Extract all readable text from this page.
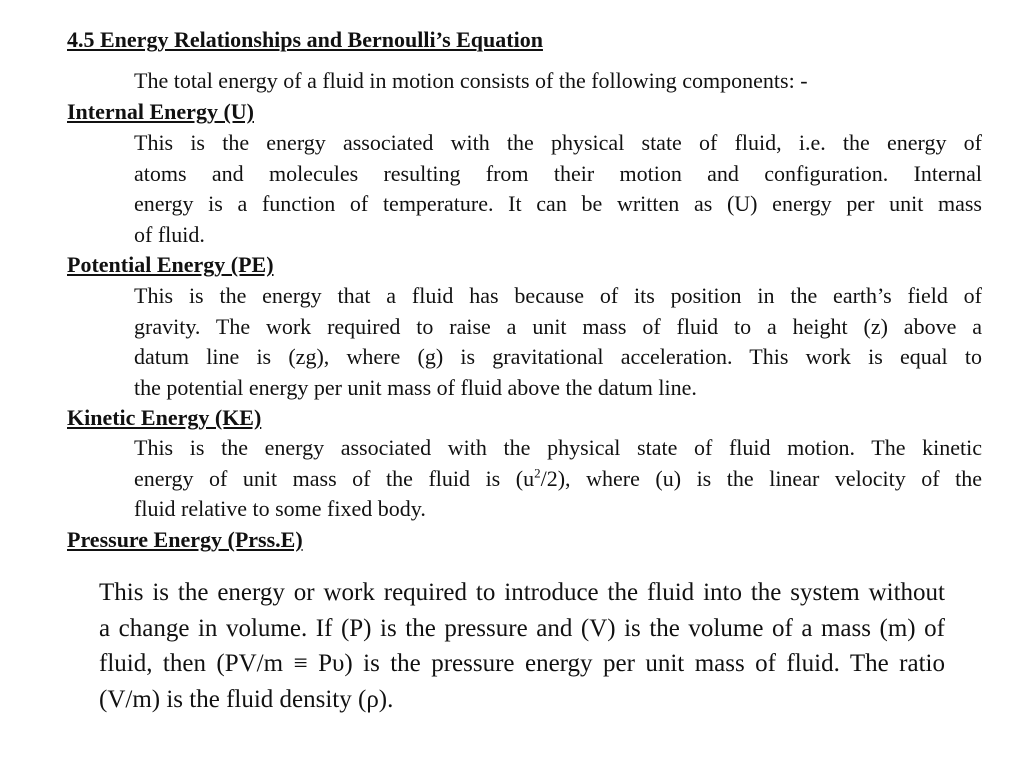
4.5 Energy Relationships and Bernoulli’s Equation
The total energy of a fluid in motion consists of the following components: -
Internal Energy (U)
This is the energy associated with the physical state of fluid, i.e. the energy of
atoms and molecules resulting from their motion and configuration. Internal
energy is a function of temperature. It can be written as (U) energy per unit mass
of fluid.
Potential Energy (PE)
This is the energy that a fluid has because of its position in the earth’s field of
gravity. The work required to raise a unit mass of fluid to a height (z) above a
datum line is (zg), where (g) is gravitational acceleration. This work is equal to
the potential energy per unit mass of fluid above the datum line.
Kinetic Energy (KE)
This is the energy associated with the physical state of fluid motion. The kinetic
energy of unit mass of the fluid is $(u^2/2)$, where (u) is the linear velocity of the
fluid relative to some fixed body.
Pressure Energy (Prss.E)
This is the energy or work required to introduce the fluid into the system without
a change in volume. If (P) is the pressure and (V) is the volume of a mass (m) of
fluid, then (PV/m ≡ Pυ) is the pressure energy per unit mass of fluid. The ratio
(V/m) is the fluid density (ρ).
